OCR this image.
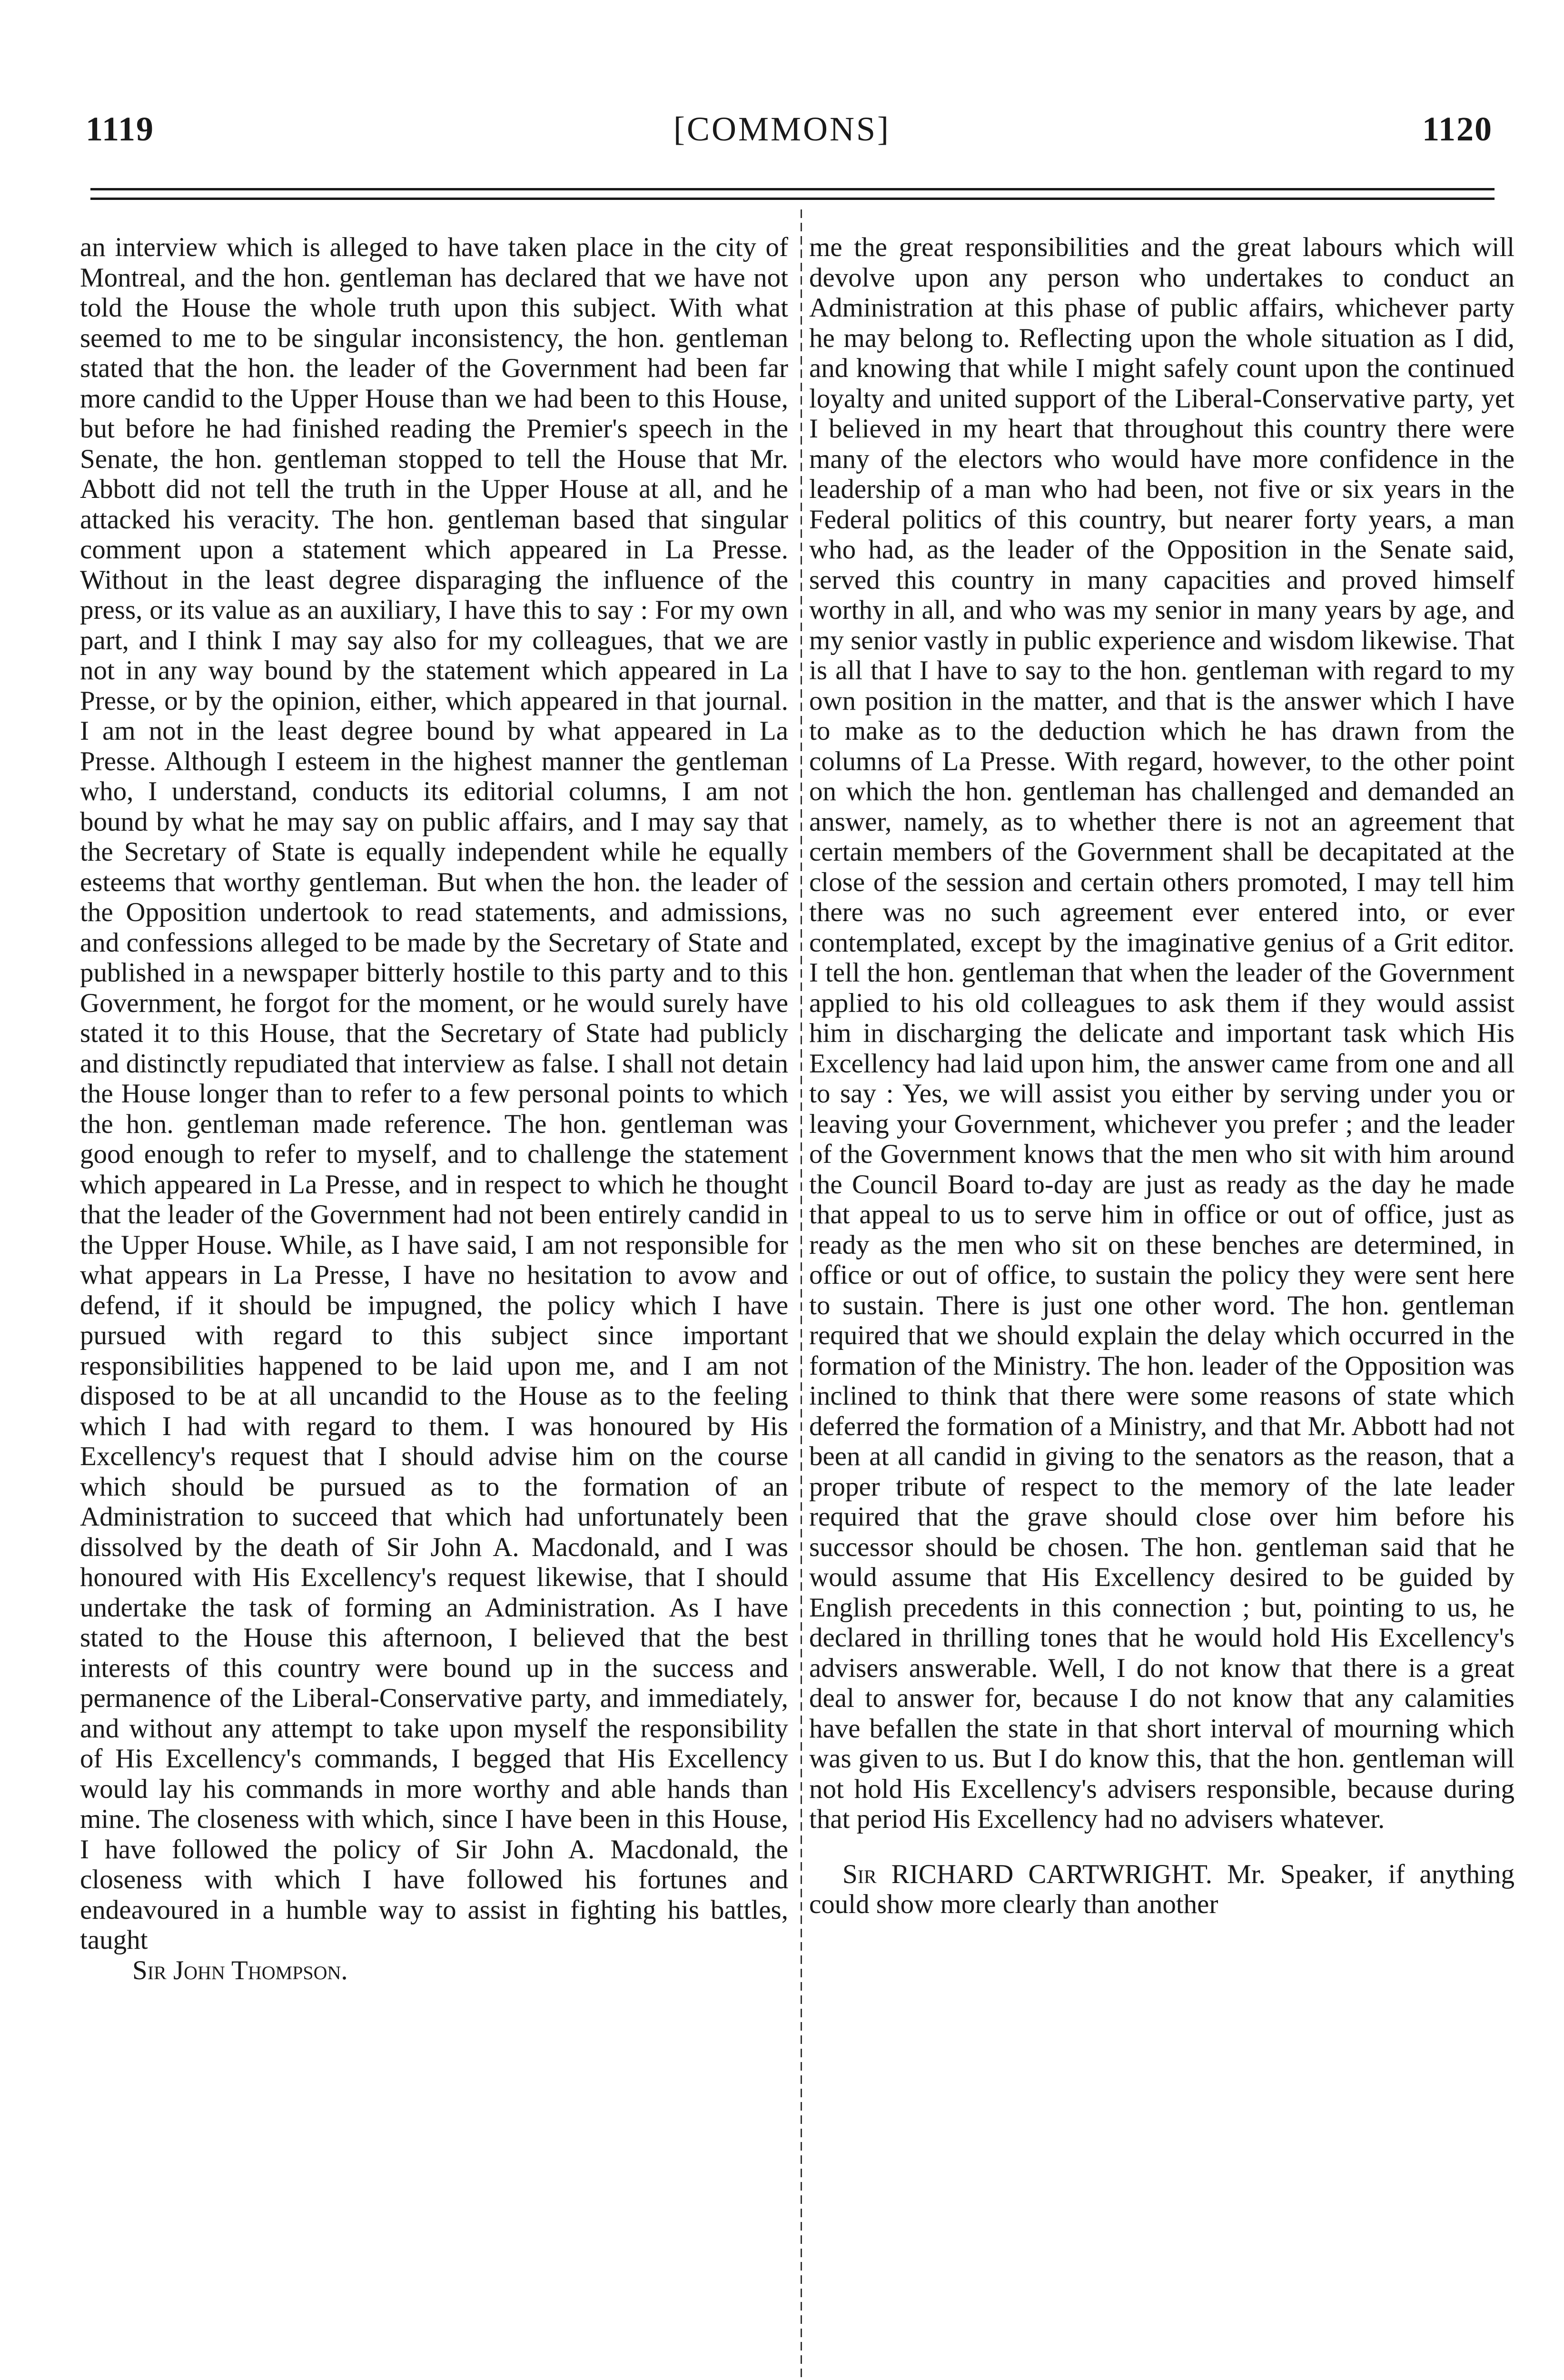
1119	[COMMONS]	1120

an interview which is alleged to have taken place in the city of Montreal, and the hon. gentleman has declared that we have not told the House the whole truth upon this subject. With what seemed to me to be singular inconsistency, the hon. gentleman stated that the hon. the leader of the Government had been far more candid to the Upper House than we had been to this House, but before he had finished reading the Premier's speech in the Senate, the hon. gentleman stopped to tell the House that Mr. Abbott did not tell the truth in the Upper House at all, and he attacked his veracity. The hon. gentleman based that singular comment upon a statement which appeared in La Presse. Without in the least degree disparaging the influence of the press, or its value as an auxiliary, I have this to say : For my own part, and I think I may say also for my colleagues, that we are not in any way bound by the statement which appeared in La Presse, or by the opinion, either, which appeared in that journal. I am not in the least degree bound by what appeared in La Presse. Although I esteem in the highest manner the gentleman who, I understand, conducts its editorial columns, I am not bound by what he may say on public affairs, and I may say that the Secretary of State is equally independent while he equally esteems that worthy gentleman. But when the hon. the leader of the Opposition undertook to read statements, and admissions, and confessions alleged to be made by the Secretary of State and published in a newspaper bitterly hostile to this party and to this Government, he forgot for the moment, or he would surely have stated it to this House, that the Secretary of State had publicly and distinctly repudiated that interview as false. I shall not detain the House longer than to refer to a few personal points to which the hon. gentleman made reference. The hon. gentleman was good enough to refer to myself, and to challenge the statement which appeared in La Presse, and in respect to which he thought that the leader of the Government had not been entirely candid in the Upper House. While, as I have said, I am not responsible for what appears in La Presse, I have no hesitation to avow and defend, if it should be impugned, the policy which I have pursued with regard to this subject since important responsibilities happened to be laid upon me, and I am not disposed to be at all uncandid to the House as to the feeling which I had with regard to them. I was honoured by His Excellency's request that I should advise him on the course which should be pursued as to the formation of an Administration to succeed that which had unfortunately been dissolved by the death of Sir John A. Macdonald, and I was honoured with His Excellency's request likewise, that I should undertake the task of forming an Administration. As I have stated to the House this afternoon, I believed that the best interests of this country were bound up in the success and permanence of the Liberal-Conservative party, and immediately, and without any attempt to take upon myself the responsibility of His Excellency's commands, I begged that His Excellency would lay his commands in more worthy and able hands than mine. The closeness with which, since I have been in this House, I have followed the policy of Sir John A. Macdonald, the closeness with which I have followed his fortunes and endeavoured in a humble way to assist in fighting his battles, taught

Sir John Thompson.

me the great responsibilities and the great labours which will devolve upon any person who undertakes to conduct an Administration at this phase of public affairs, whichever party he may belong to. Reflecting upon the whole situation as I did, and knowing that while I might safely count upon the continued loyalty and united support of the Liberal-Conservative party, yet I believed in my heart that throughout this country there were many of the electors who would have more confidence in the leadership of a man who had been, not five or six years in the Federal politics of this country, but nearer forty years, a man who had, as the leader of the Opposition in the Senate said, served this country in many capacities and proved himself worthy in all, and who was my senior in many years by age, and my senior vastly in public experience and wisdom likewise. That is all that I have to say to the hon. gentleman with regard to my own position in the matter, and that is the answer which I have to make as to the deduction which he has drawn from the columns of La Presse. With regard, however, to the other point on which the hon. gentleman has challenged and demanded an answer, namely, as to whether there is not an agreement that certain members of the Government shall be decapitated at the close of the session and certain others promoted, I may tell him there was no such agreement ever entered into, or ever contemplated, except by the imaginative genius of a Grit editor. I tell the hon. gentleman that when the leader of the Government applied to his old colleagues to ask them if they would assist him in discharging the delicate and important task which His Excellency had laid upon him, the answer came from one and all to say : Yes, we will assist you either by serving under you or leaving your Government, whichever you prefer ; and the leader of the Government knows that the men who sit with him around the Council Board to-day are just as ready as the day he made that appeal to us to serve him in office or out of office, just as ready as the men who sit on these benches are determined, in office or out of office, to sustain the policy they were sent here to sustain. There is just one other word. The hon. gentleman required that we should explain the delay which occurred in the formation of the Ministry. The hon. leader of the Opposition was inclined to think that there were some reasons of state which deferred the formation of a Ministry, and that Mr. Abbott had not been at all candid in giving to the senators as the reason, that a proper tribute of respect to the memory of the late leader required that the grave should close over him before his successor should be chosen. The hon. gentleman said that he would assume that His Excellency desired to be guided by English precedents in this connection ; but, pointing to us, he declared in thrilling tones that he would hold His Excellency's advisers answerable. Well, I do not know that there is a great deal to answer for, because I do not know that any calamities have befallen the state in that short interval of mourning which was given to us. But I do know this, that the hon. gentleman will not hold His Excellency's advisers responsible, because during that period His Excellency had no advisers whatever.

Sir RICHARD CARTWRIGHT. Mr. Speaker, if anything could show more clearly than another
